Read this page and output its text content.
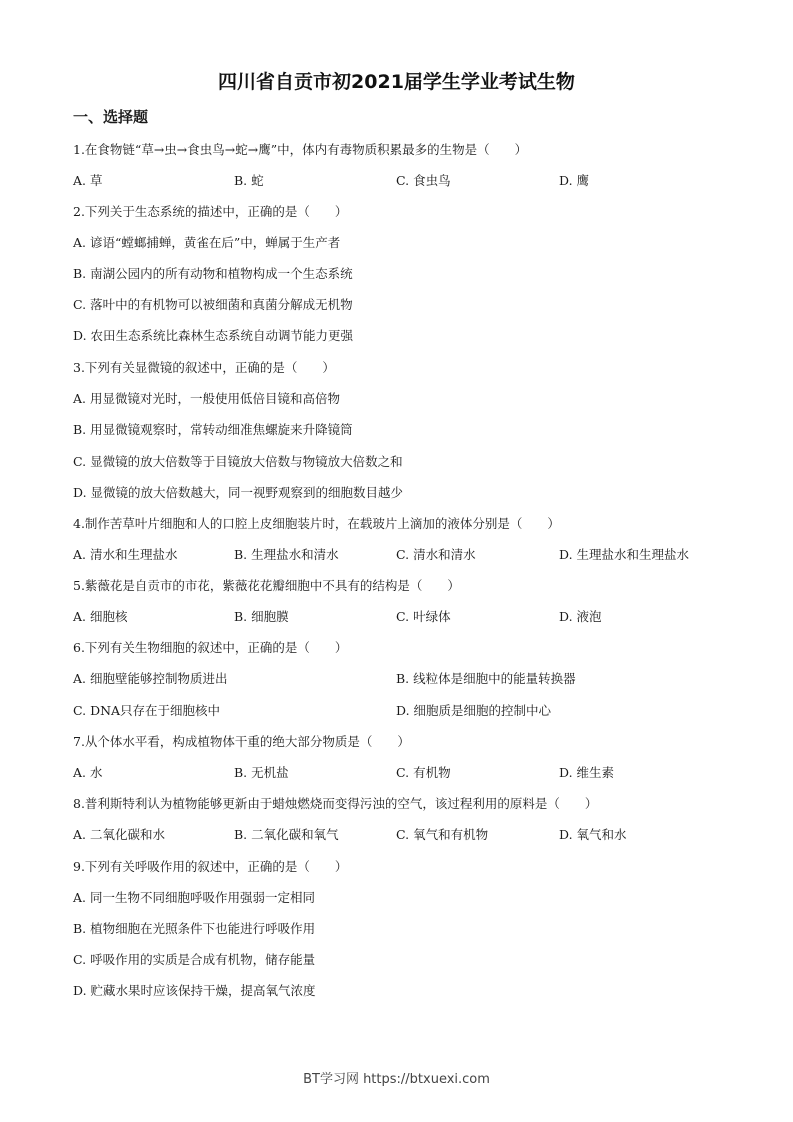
四川省自贡市初2021届学生学业考试生物
一、选择题
1.在食物链“草→虫→食虫鸟→蛇→鹰”中，体内有毒物质积累最多的生物是（　　）
A. 草	B. 蛇	C. 食虫鸟	D. 鹰
2.下列关于生态系统的描述中，正确的是（　　）
A. 谚语“螳螂捕蝉，黄雀在后”中，蝉属于生产者
B. 南湖公园内的所有动物和植物构成一个生态系统
C. 落叶中的有机物可以被细菌和真菌分解成无机物
D. 农田生态系统比森林生态系统自动调节能力更强
3.下列有关显微镜的叙述中，正确的是（　　）
A. 用显微镜对光时，一般使用低倍目镜和高倍物
B. 用显微镜观察时，常转动细准焦螺旋来升降镜筒
C. 显微镜的放大倍数等于目镜放大倍数与物镜放大倍数之和
D. 显微镜的放大倍数越大，同一视野观察到的细胞数目越少
4.制作苦草叶片细胞和人的口腔上皮细胞装片时，在载玻片上滴加的液体分别是（　　）
A. 清水和生理盐水	B. 生理盐水和清水	C. 清水和清水	D. 生理盐水和生理盐水
5.紫薇花是自贡市的市花，紫薇花花瓣细胞中不具有的结构是（　　）
A. 细胞核	B. 细胞膜	C. 叶绿体	D. 液泡
6.下列有关生物细胞的叙述中，正确的是（　　）
A. 细胞壁能够控制物质进出	B. 线粒体是细胞中的能量转换器
C. DNA只存在于细胞核中	D. 细胞质是细胞的控制中心
7.从个体水平看，构成植物体干重的绝大部分物质是（　　）
A. 水	B. 无机盐	C. 有机物	D. 维生素
8.普利斯特利认为植物能够更新由于蜡烛燃烧而变得污浊的空气，该过程利用的原料是（　　）
A. 二氧化碳和水	B. 二氧化碳和氧气	C. 氧气和有机物	D. 氧气和水
9.下列有关呼吸作用的叙述中，正确的是（　　）
A. 同一生物不同细胞呼吸作用强弱一定相同
B. 植物细胞在光照条件下也能进行呼吸作用
C. 呼吸作用的实质是合成有机物，储存能量
D. 贮藏水果时应该保持干燥，提高氧气浓度
BT学习网 https://btxuexi.com
